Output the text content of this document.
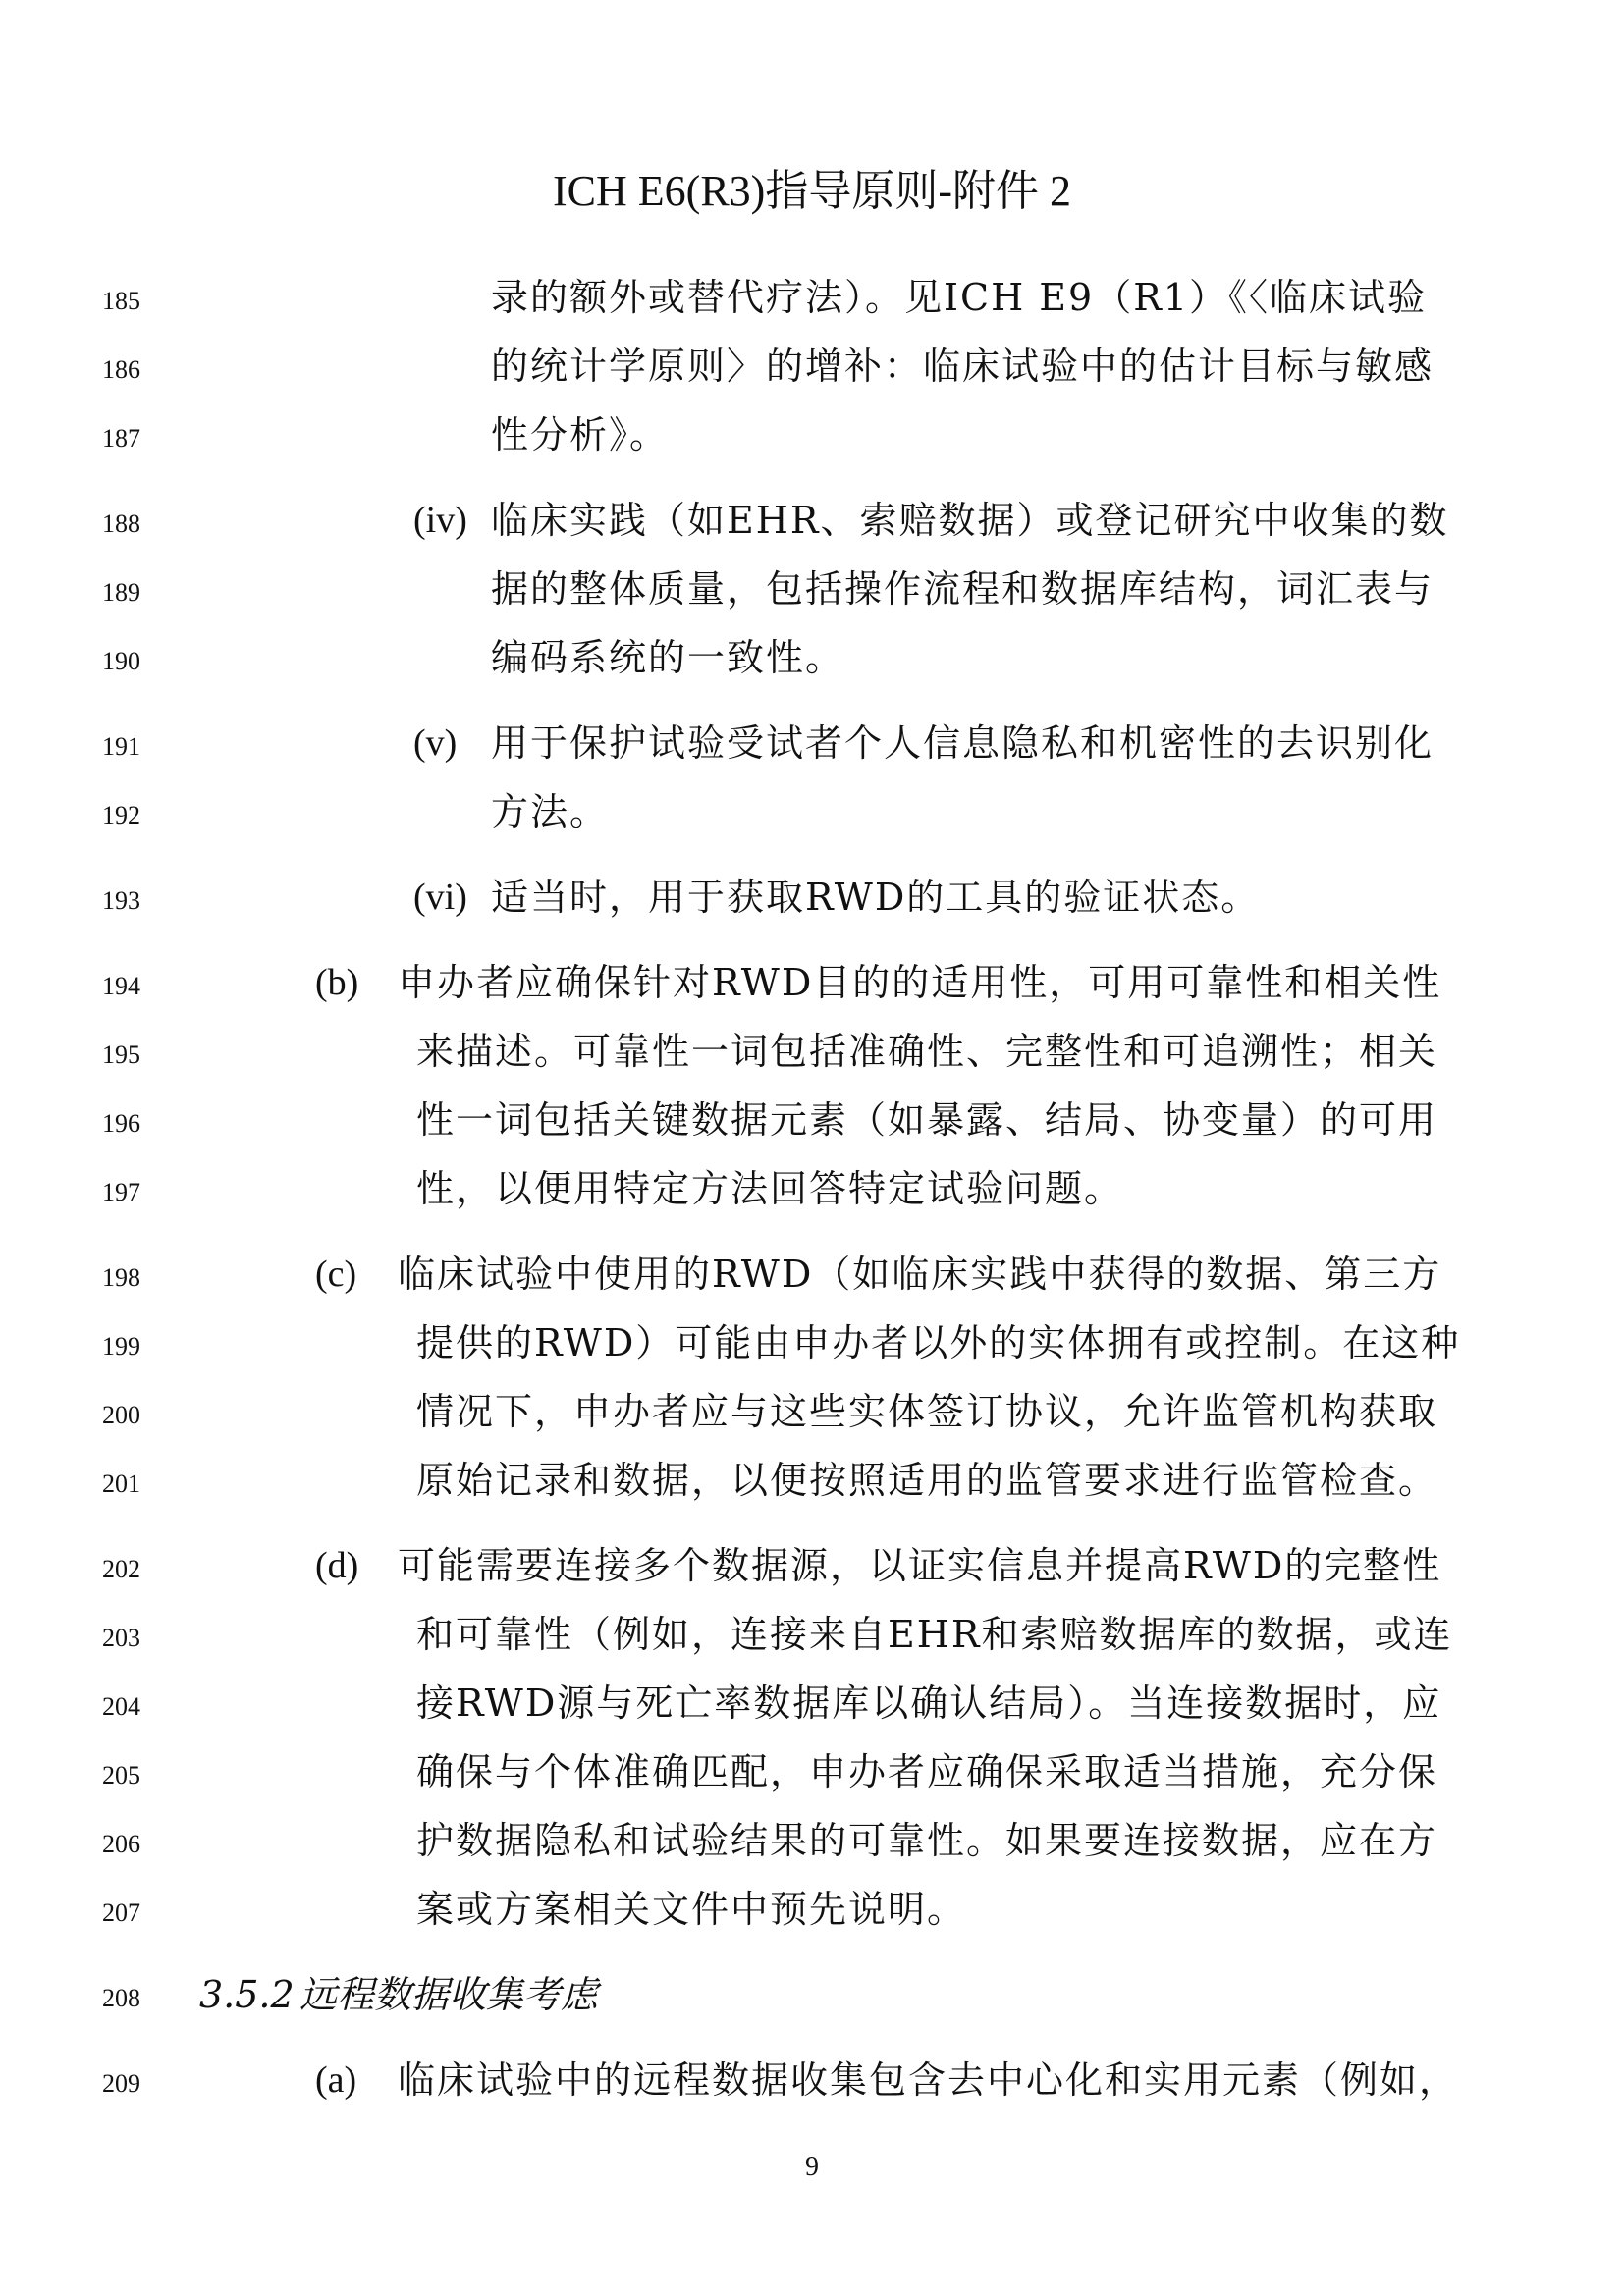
ICH E6(R3)指导原则-附件 2
185	录的额外或替代疗法）。见ICH E9（R1）《〈临床试验
186	的统计学原则〉的增补：临床试验中的估计目标与敏感
187	性分析》。
188	(iv) 临床实践（如EHR、索赔数据）或登记研究中收集的数
189	据的整体质量，包括操作流程和数据库结构，词汇表与
190	编码系统的一致性。
191	(v) 用于保护试验受试者个人信息隐私和机密性的去识别化
192	方法。
193	(vi) 适当时，用于获取RWD的工具的验证状态。
194	(b) 申办者应确保针对RWD目的的适用性，可用可靠性和相关性
195	来描述。可靠性一词包括准确性、完整性和可追溯性；相关
196	性一词包括关键数据元素（如暴露、结局、协变量）的可用
197	性，以便用特定方法回答特定试验问题。
198	(c) 临床试验中使用的RWD（如临床实践中获得的数据、第三方
199	提供的RWD）可能由申办者以外的实体拥有或控制。在这种
200	情况下，申办者应与这些实体签订协议，允许监管机构获取
201	原始记录和数据，以便按照适用的监管要求进行监管检查。
202	(d) 可能需要连接多个数据源，以证实信息并提高RWD的完整性
203	和可靠性（例如，连接来自EHR和索赔数据库的数据，或连
204	接RWD源与死亡率数据库以确认结局）。当连接数据时，应
205	确保与个体准确匹配，申办者应确保采取适当措施，充分保
206	护数据隐私和试验结果的可靠性。如果要连接数据，应在方
207	案或方案相关文件中预先说明。
208 3.5.2 远程数据收集考虑
209	(a) 临床试验中的远程数据收集包含去中心化和实用元素（例如，
9
